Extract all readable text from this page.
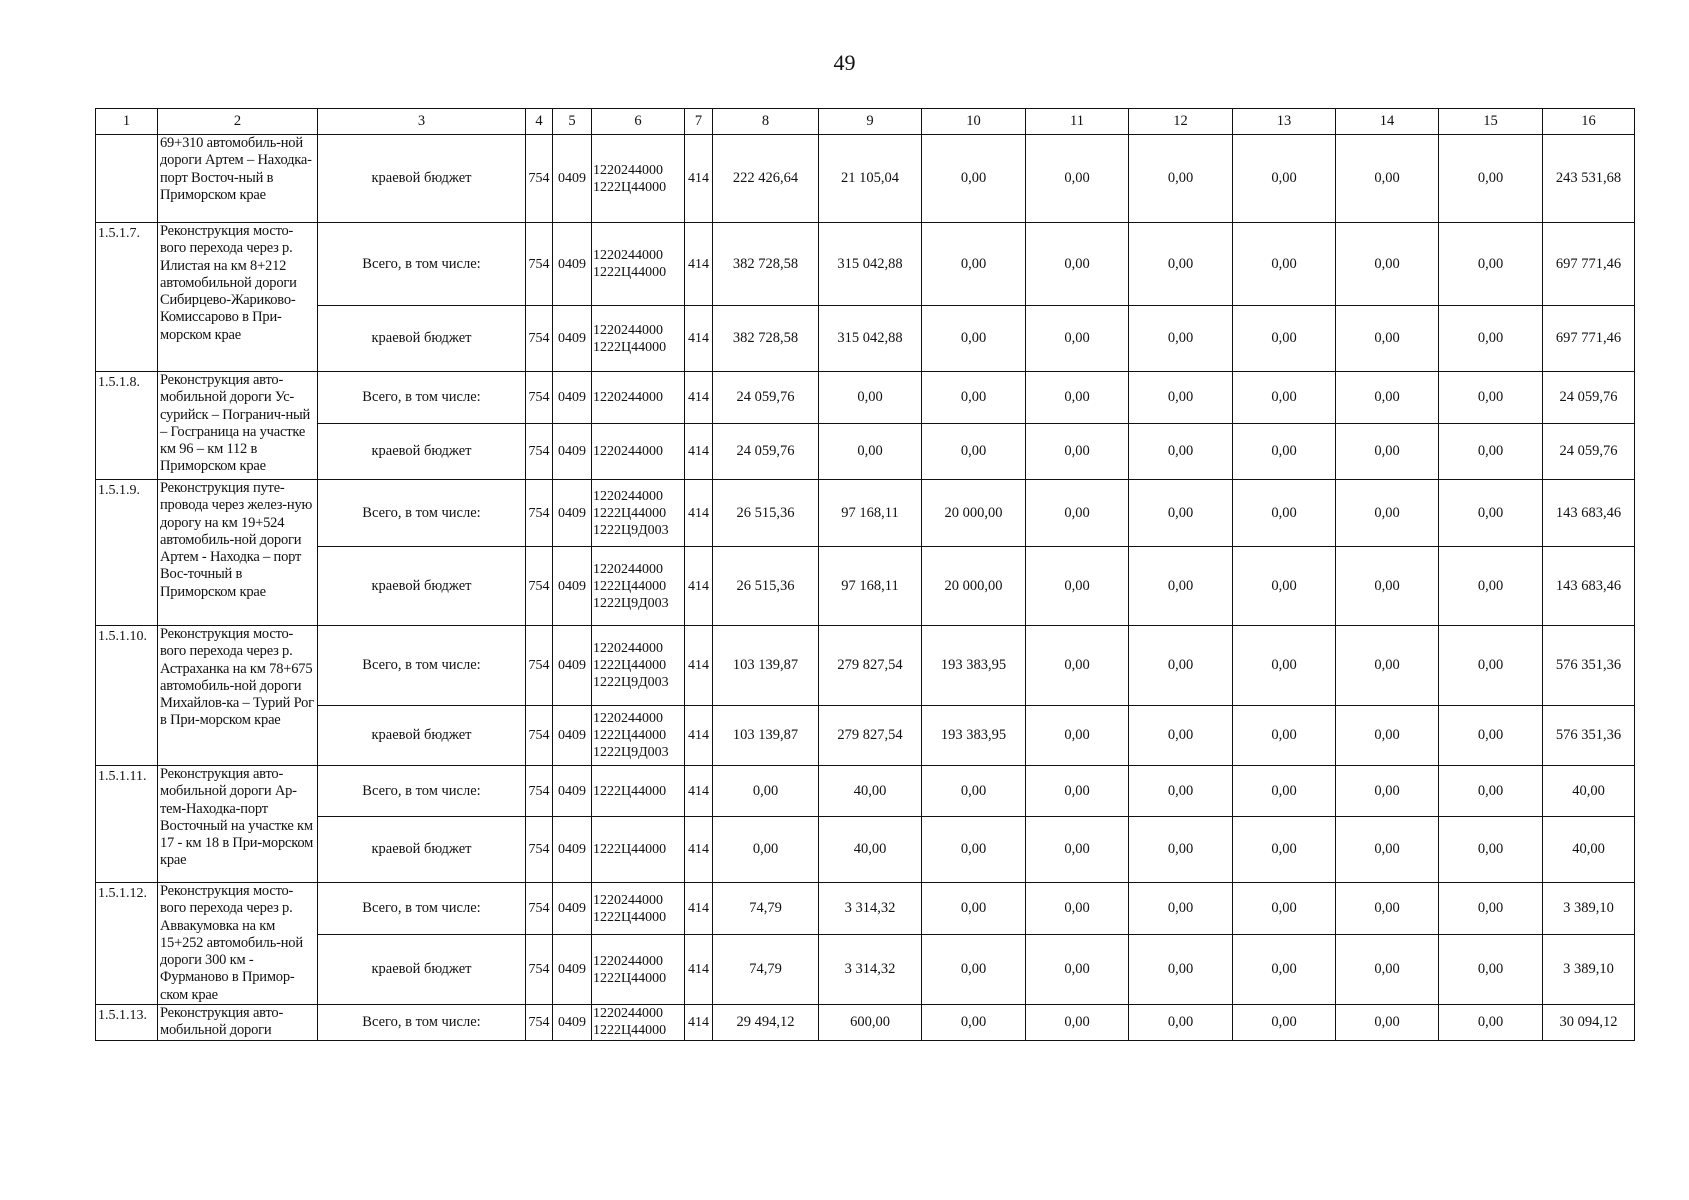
49
1	2	3	4	5	6	7	8	9	10	11	12	13	14	15	16
	69+310 автомобиль-ной дороги Артем – Находка-порт Восточ-ный в Приморском крае	краевой бюджет	754	0409	1220244000
1222Ц44000	414	222 426,64	21 105,04	0,00	0,00	0,00	0,00	0,00	0,00	243 531,68
1.5.1.7.	Реконструкция мосто-вого перехода через р. Илистая на км 8+212 автомобильной дороги Сибирцево-Жариково-Комиссарово в При-морском крае	Всего, в том числе:	754	0409	1220244000
1222Ц44000	414	382 728,58	315 042,88	0,00	0,00	0,00	0,00	0,00	0,00	697 771,46
		краевой бюджет	754	0409	1220244000
1222Ц44000	414	382 728,58	315 042,88	0,00	0,00	0,00	0,00	0,00	0,00	697 771,46
1.5.1.8.	Реконструкция авто-мобильной дороги Ус-сурийск – Погранич-ный – Госграница на участке км 96 – км 112 в Приморском крае	Всего, в том числе:	754	0409	1220244000	414	24 059,76	0,00	0,00	0,00	0,00	0,00	0,00	0,00	24 059,76
		краевой бюджет	754	0409	1220244000	414	24 059,76	0,00	0,00	0,00	0,00	0,00	0,00	0,00	24 059,76
1.5.1.9.	Реконструкция путе-провода через желез-ную дорогу на км 19+524 автомобиль-ной дороги Артем - Находка – порт Вос-точный в Приморском крае	Всего, в том числе:	754	0409	1220244000
1222Ц44000
1222Ц9Д003	414	26 515,36	97 168,11	20 000,00	0,00	0,00	0,00	0,00	0,00	143 683,46
		краевой бюджет	754	0409	1220244000
1222Ц44000
1222Ц9Д003	414	26 515,36	97 168,11	20 000,00	0,00	0,00	0,00	0,00	0,00	143 683,46
1.5.1.10.	Реконструкция мосто-вого перехода через р. Астраханка на км 78+675 автомобиль-ной дороги Михайлов-ка – Турий Рог в При-морском крае	Всего, в том числе:	754	0409	1220244000
1222Ц44000
1222Ц9Д003	414	103 139,87	279 827,54	193 383,95	0,00	0,00	0,00	0,00	0,00	576 351,36
		краевой бюджет	754	0409	1220244000
1222Ц44000
1222Ц9Д003	414	103 139,87	279 827,54	193 383,95	0,00	0,00	0,00	0,00	0,00	576 351,36
1.5.1.11.	Реконструкция авто-мобильной дороги Ар-тем-Находка-порт Восточный на участке км 17 - км 18 в При-морском крае	Всего, в том числе:	754	0409	1222Ц44000	414	0,00	40,00	0,00	0,00	0,00	0,00	0,00	0,00	40,00
		краевой бюджет	754	0409	1222Ц44000	414	0,00	40,00	0,00	0,00	0,00	0,00	0,00	0,00	40,00
1.5.1.12.	Реконструкция мосто-вого перехода через р. Аввакумовка на км 15+252 автомобиль-ной дороги 300 км - Фурманово в Примор-ском крае	Всего, в том числе:	754	0409	1220244000
1222Ц44000	414	74,79	3 314,32	0,00	0,00	0,00	0,00	0,00	0,00	3 389,10
		краевой бюджет	754	0409	1220244000
1222Ц44000	414	74,79	3 314,32	0,00	0,00	0,00	0,00	0,00	0,00	3 389,10
1.5.1.13.	Реконструкция авто-мобильной дороги	Всего, в том числе:	754	0409	1220244000
1222Ц44000	414	29 494,12	600,00	0,00	0,00	0,00	0,00	0,00	0,00	30 094,12
